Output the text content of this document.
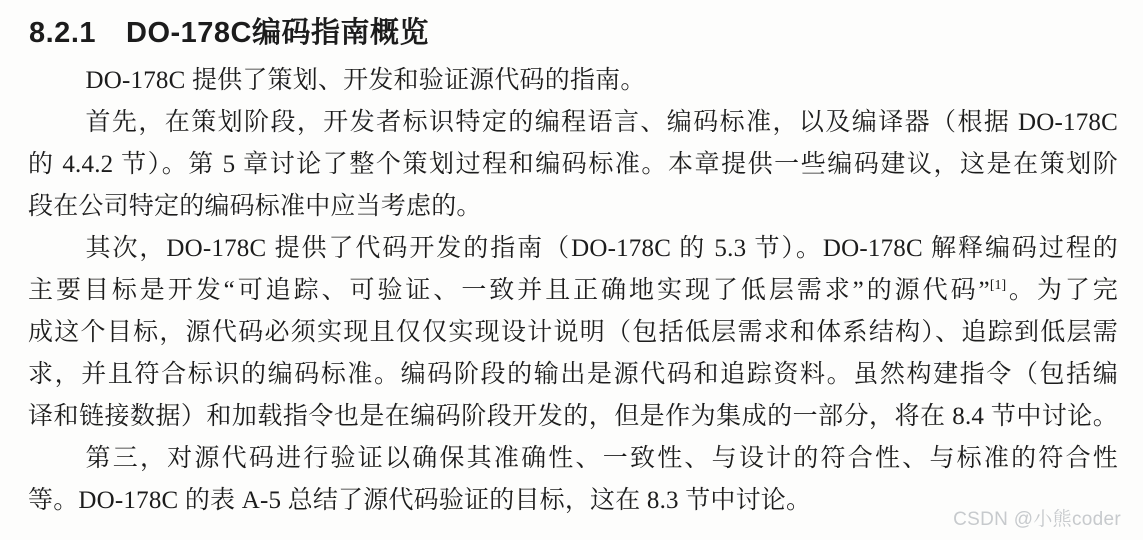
8.2.1 DO-178C编码指南概览
DO-178C 提供了策划、开发和验证源代码的指南。
首先，在策划阶段，开发者标识特定的编程语言、编码标准，以及编译器（根据 DO-178C
的 4.4.2 节）。第 5 章讨论了整个策划过程和编码标准。本章提供一些编码建议，这是在策划阶
段在公司特定的编码标准中应当考虑的。
其次，DO-178C 提供了代码开发的指南（DO-178C 的 5.3 节）。DO-178C 解释编码过程的
主要目标是开发“可追踪、可验证、一致并且正确地实现了低层需求”的源代码”[1]。为了完
成这个目标，源代码必须实现且仅仅实现设计说明（包括低层需求和体系结构）、追踪到低层需
求，并且符合标识的编码标准。编码阶段的输出是源代码和追踪资料。虽然构建指令（包括编
译和链接数据）和加载指令也是在编码阶段开发的，但是作为集成的一部分，将在 8.4 节中讨论。
第三，对源代码进行验证以确保其准确性、一致性、与设计的符合性、与标准的符合性
等。DO-178C 的表 A-5 总结了源代码验证的目标，这在 8.3 节中讨论。
CSDN @小熊coder
